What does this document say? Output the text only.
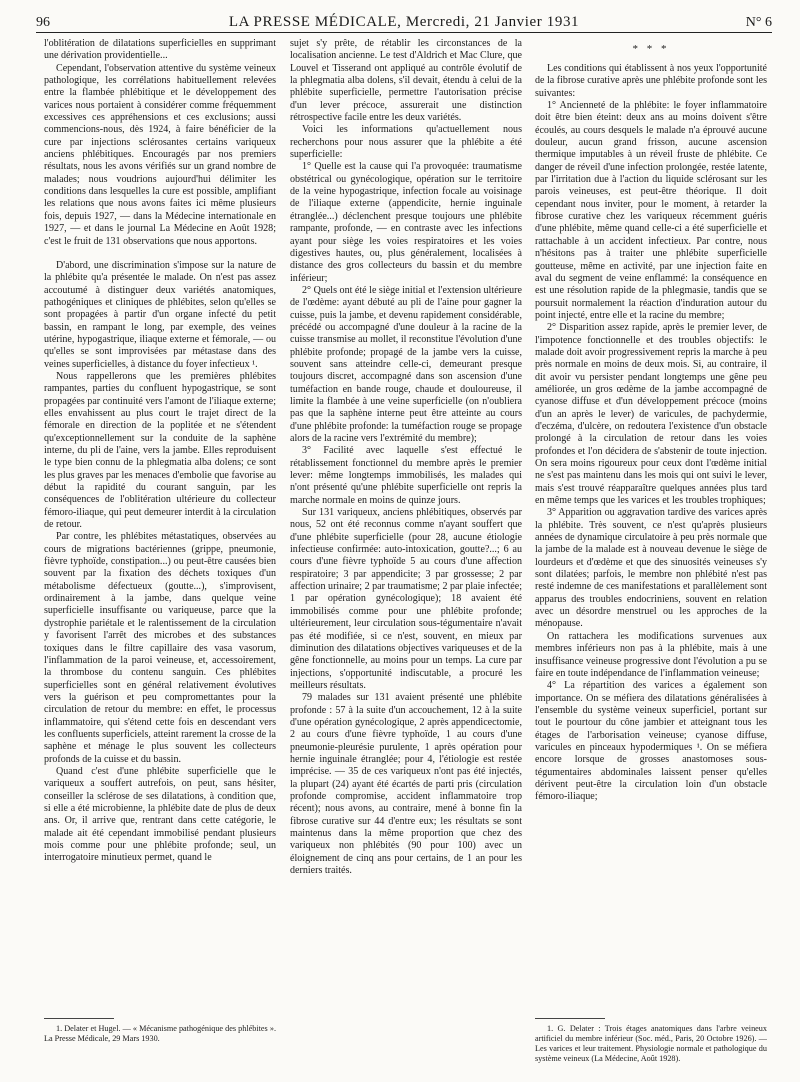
96	LA PRESSE MÉDICALE, Mercredi, 21 Janvier 1931	N° 6

l'oblitération de dilatations superficielles en supprimant une dérivation providentielle...

Cependant, l'observation attentive du système veineux pathologique, les corrélations habituellement relevées entre la flambée phlébitique et le développement des varices nous portaient à considérer comme fréquemment excessives ces appréhensions et ces exclusions; aussi commencions-nous, dès 1924, à faire bénéficier de la cure par injections sclérosantes certains variqueux anciens phlébitiques. Encouragés par nos premiers résultats, nous les avons vérifiés sur un grand nombre de malades; nous voudrions aujourd'hui délimiter les conditions dans lesquelles la cure est possible, amplifiant les relations que nous avons faites ici même plusieurs fois, depuis 1927, — dans la Médecine internationale en 1927, — et dans le journal La Médecine en Août 1928; c'est le fruit de 131 observations que nous apportons.

D'abord, une discrimination s'impose sur la nature de la phlébite qu'a présentée le malade. On n'est pas assez accoutumé à distinguer deux variétés anatomiques, pathogéniques et cliniques de phlébites, selon qu'elles se sont propagées à partir d'un organe infecté du petit bassin, en rampant le long, par exemple, des veines utérine, hypogastrique, iliaque externe et fémorale, — ou qu'elles se sont improvisées par métastase dans des veines superficielles, à distance du foyer infectieux ¹.

Nous rappellerons que les premières phlébites rampantes, parties du confluent hypogastrique, se sont propagées par continuité vers l'amont de l'iliaque externe; elles envahissent au plus court le trajet direct de la fémorale en direction de la poplitée et ne s'étendent qu'exceptionnellement sur la conduite de la saphène interne, du pli de l'aine, vers la jambe. Elles reproduisent le type bien connu de la phlegmatia alba dolens; ce sont les plus graves par les menaces d'embolie que favorise au début la rapidité du courant sanguin, par les conséquences de l'oblitération ultérieure du collecteur fémoro-iliaque, qui peut demeurer interdit à la circulation de retour.

Par contre, les phlébites métastatiques, observées au cours de migrations bactériennes (grippe, pneumonie, fièvre typhoïde, constipation...) ou peut-être causées bien souvent par la fixation des déchets toxiques d'un métabolisme défectueux (goutte...), s'improvisent, ordinairement à la jambe, dans quelque veine superficielle insuffisante ou variqueuse, parce que la dystrophie pariétale et le ralentissement de la circulation y favorisent l'arrêt des microbes et des substances toxiques dans le filtre capillaire des vasa vasorum, l'inflammation de la paroi veineuse, et, accessoirement, la thrombose du contenu sanguin. Ces phlébites superficielles sont en général relativement évolutives vers la guérison et peu compromettantes pour la circulation de retour du membre: en effet, le processus inflammatoire, qui s'étend cette fois en descendant vers les confluents superficiels, atteint rarement la crosse de la saphène et ménage le plus souvent les collecteurs profonds de la cuisse et du bassin.

Quand c'est d'une phlébite superficielle que le variqueux a souffert autrefois, on peut, sans hésiter, conseiller la sclérose de ses dilatations, à condition que, si elle a été microbienne, la phlébite date de plus de deux ans. Or, il arrive que, rentrant dans cette catégorie, le malade ait été cependant immobilisé pendant plusieurs mois comme pour une phlébite profonde; seul, un interrogatoire minutieux permet, quand le

sujet s'y prête, de rétablir les circonstances de la localisation ancienne. Le test d'Aldrich et Mac Clure, que Louvel et Tisserand ont appliqué au contrôle évolutif de la phlegmatia alba dolens, s'il devait, étendu à celui de la phlébite superficielle, permettre l'autorisation précise d'un lever précoce, assurerait une distinction rétrospective facile entre les deux variétés.

Voici les informations qu'actuellement nous recherchons pour nous assurer que la phlébite a été superficielle:

1° Quelle est la cause qui l'a provoquée: traumatisme obstétrical ou gynécologique, opération sur le territoire de la veine hypogastrique, infection focale au voisinage de l'iliaque externe (appendicite, hernie inguinale étranglée...) déclenchent presque toujours une phlébite rampante, profonde, — en contraste avec les infections ayant pour siège les voies respiratoires et les voies digestives hautes, ou, plus généralement, localisées à distance des gros collecteurs du bassin et du membre inférieur;

2° Quels ont été le siège initial et l'extension ultérieure de l'œdème: ayant débuté au pli de l'aine pour gagner la cuisse, puis la jambe, et devenu rapidement considérable, précédé ou accompagné d'une douleur à la racine de la cuisse transmise au mollet, il reconstitue l'évolution d'une phlébite profonde; propagé de la jambe vers la cuisse, souvent sans atteindre celle-ci, demeurant presque toujours discret, accompagné dans son ascension d'une tuméfaction en bande rouge, chaude et douloureuse, il limite la flambée à une veine superficielle (on n'oubliera pas que la saphène interne peut être atteinte au cours d'une phlébite profonde: la tuméfaction rouge se propage alors de la racine vers l'extrémité du membre);

3° Facilité avec laquelle s'est effectué le rétablissement fonctionnel du membre après le premier lever: même longtemps immobilisés, les malades qui n'ont présenté qu'une phlébite superficielle ont repris la marche normale en moins de quinze jours.

Sur 131 variqueux, anciens phlébitiques, observés par nous, 52 ont été reconnus comme n'ayant souffert que d'une phlébite superficielle (pour 28, aucune étiologie infectieuse confirmée: auto-intoxication, goutte?...; 6 au cours d'une fièvre typhoïde 5 au cours d'une affection respiratoire; 3 par appendicite; 3 par grossesse; 2 par affection urinaire; 2 par traumatisme; 2 par plaie infectée; 1 par opération gynécologique); 18 avaient été immobilisés comme pour une phlébite profonde; ultérieurement, leur circulation sous-tégumentaire n'avait pas été modifiée, si ce n'est, souvent, en mieux par diminution des dilatations objectives variqueuses et de la gêne fonctionnelle, au moins pour un temps. La cure par injections, s'opportunité indiscutable, a procuré les meilleurs résultats.

79 malades sur 131 avaient présenté une phlébite profonde : 57 à la suite d'un accouchement, 12 à la suite d'une opération gynécologique, 2 après appendicectomie, 2 au cours d'une fièvre typhoïde, 1 au cours d'une pneumonie-pleurésie purulente, 1 après opération pour hernie inguinale étranglée; pour 4, l'étiologie est restée imprécise. — 35 de ces variqueux n'ont pas été injectés, la plupart (24) ayant été écartés de parti pris (circulation profonde compromise, accident inflammatoire trop récent); nous avons, au contraire, mené à bonne fin la fibrose curative sur 44 d'entre eux; les résultats se sont maintenus dans la même proportion que chez des variqueux non phlébités (90 pour 100) avec un éloignement de cinq ans pour certains, de 1 an pour les derniers traités.

* * *

Les conditions qui établissent à nos yeux l'opportunité de la fibrose curative après une phlébite profonde sont les suivantes:

1° Ancienneté de la phlébite: le foyer inflammatoire doit être bien éteint: deux ans au moins doivent s'être écoulés, au cours desquels le malade n'a éprouvé aucune douleur, aucun grand frisson, aucune ascension thermique imputables à un réveil fruste de phlébite. Ce danger de réveil d'une infection prolongée, restée latente, par l'irritation due à l'action du liquide sclérosant sur les parois veineuses, est peut-être théorique. Il doit cependant nous inviter, pour le moment, à retarder la fibrose curative chez les variqueux récemment guéris d'une phlébite, même quand celle-ci a été superficielle et rattachable à un accident infectieux. Par contre, nous n'hésitons pas à traiter une phlébite superficielle goutteuse, même en activité, par une injection faite en aval du segment de veine enflammé: la conséquence en est une résolution rapide de la phlegmasie, tandis que se poursuit normalement la réaction d'induration autour du point injecté, entre elle et la racine du membre;

2° Disparition assez rapide, après le premier lever, de l'impotence fonctionnelle et des troubles objectifs: le malade doit avoir progressivement repris la marche à peu près normale en moins de deux mois. Si, au contraire, il dit avoir vu persister pendant longtemps une gêne peu améliorée, un gros œdème de la jambe accompagné de cyanose diffuse et d'un développement précoce (moins d'un an après le lever) de varicules, de pachydermie, d'eczéma, d'ulcère, on redoutera l'existence d'un obstacle prolongé à la circulation de retour dans les voies profondes et l'on décidera de s'abstenir de toute injection. On sera moins rigoureux pour ceux dont l'œdème initial ne s'est pas maintenu dans les mois qui ont suivi le lever, mais s'est trouvé réapparaître quelques années plus tard en même temps que les varices et les troubles trophiques;

3° Apparition ou aggravation tardive des varices après la phlébite. Très souvent, ce n'est qu'après plusieurs années de dynamique circulatoire à peu près normale que la jambe de la malade est à nouveau devenue le siège de lourdeurs et d'œdème et que des sinuosités veineuses s'y sont dilatées; parfois, le membre non phlébité n'est pas resté indemne de ces manifestations et parallèlement sont apparus des troubles endocriniens, souvent en relation avec un désordre menstruel ou les approches de la ménopause.

On rattachera les modifications survenues aux membres inférieurs non pas à la phlébite, mais à une insuffisance veineuse progressive dont l'évolution a pu se faire en toute indépendance de l'inflammation veineuse;

4° La répartition des varices a également son importance. On se méfiera des dilatations généralisées à l'ensemble du système veineux superficiel, portant sur tout le pourtour du cône jambier et atteignant tous les étages de l'arborisation veineuse; cyanose diffuse, varicules en pinceaux hypodermiques ¹. On se méfiera encore lorsque de grosses anastomoses sous-tégumentaires abdominales laissent penser qu'elles dérivent peut-être la circulation loin d'un obstacle fémoro-iliaque;

1. Delater et Hugel. — « Mécanisme pathogénique des phlébites ». La Presse Médicale, 29 Mars 1930.

1. G. Delater : Trois étages anatomiques dans l'arbre veineux artificiel du membre inférieur (Soc. méd., Paris, 20 Octobre 1926). — Les varices et leur traitement. Physiologie normale et pathologique du système veineux (La Médecine, Août 1928).
